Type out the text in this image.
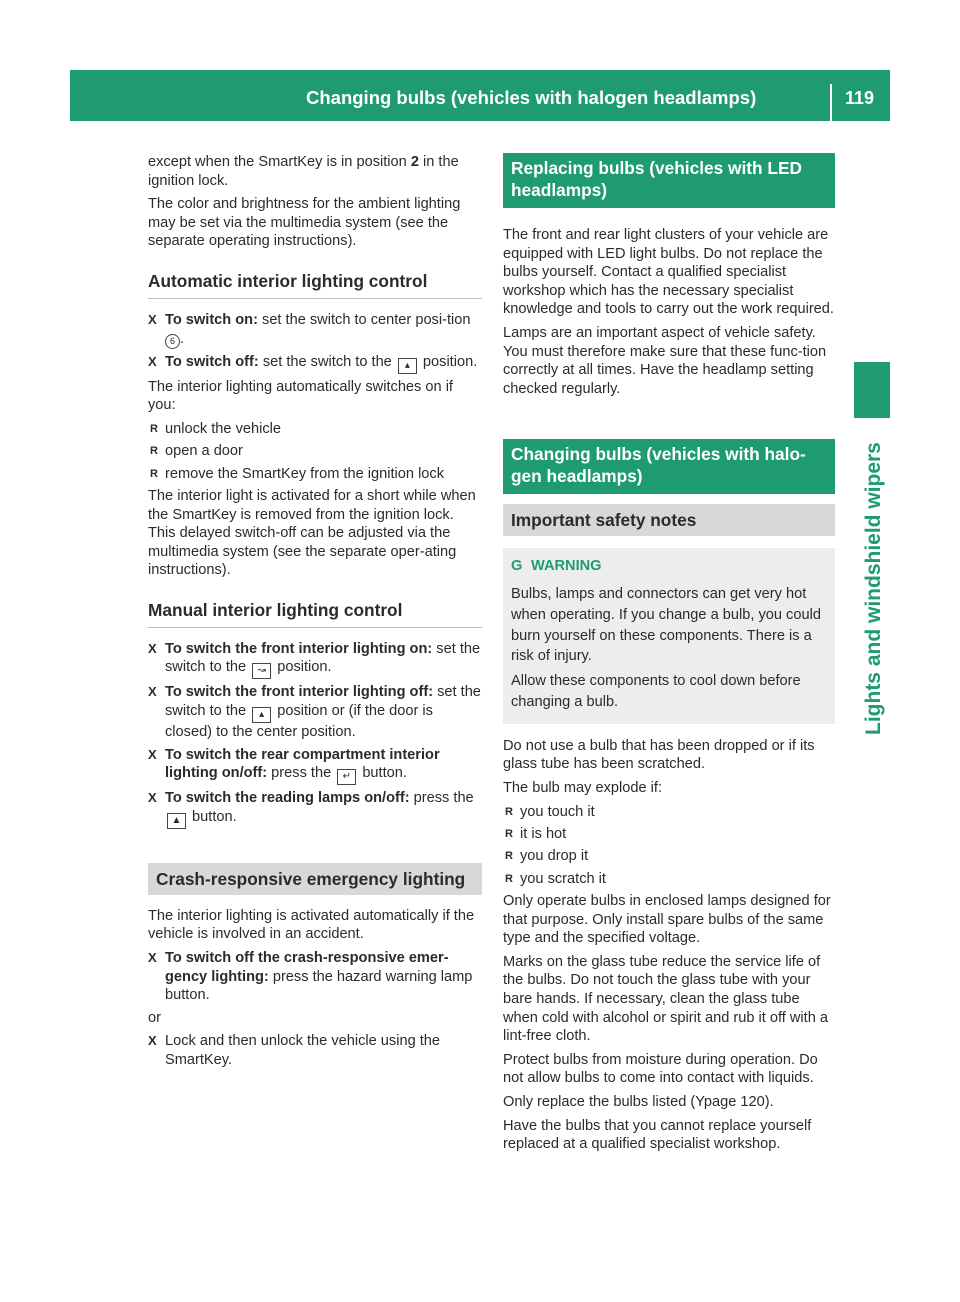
Changing bulbs (vehicles with halogen headlamps)	119
Lights and windshield wipers

except when the SmartKey is in position 2 in the ignition lock.

The color and brightness for the ambient lighting may be set via the multimedia system (see the separate operating instructions).

Automatic interior lighting control
X To switch on: set the switch to center posi-tion 6 .
X To switch off: set the switch to the ▴ position.

The interior lighting automatically switches on if you:

R unlock the vehicle
R open a door
R remove the SmartKey from the ignition lock

The interior light is activated for a short while when the SmartKey is removed from the ignition lock. This delayed switch-off can be adjusted via the multimedia system (see the separate oper-ating instructions).

Manual interior lighting control
X To switch the front interior lighting on: set the switch to the ↝ position.
X To switch the front interior lighting off: set the switch to the ▴ position or (if the door is closed) to the center position.
X To switch the rear compartment interior lighting on/off: press the ↵ button.
X To switch the reading lamps on/off: press the ▲ button.
Crash-responsive emergency lighting

The interior lighting is activated automatically if the vehicle is involved in an accident.

X To switch off the crash-responsive emer-gency lighting: press the hazard warning lamp button.

or

X Lock and then unlock the vehicle using the SmartKey.
Replacing bulbs (vehicles with LED headlamps)

The front and rear light clusters of your vehicle are equipped with LED light bulbs. Do not replace the bulbs yourself. Contact a qualified specialist workshop which has the necessary specialist knowledge and tools to carry out the work required.

Lamps are an important aspect of vehicle safety. You must therefore make sure that these func-tion correctly at all times. Have the headlamp setting checked regularly.

Changing bulbs (vehicles with halo-gen headlamps)
Important safety notes
G WARNING

Bulbs, lamps and connectors can get very hot when operating. If you change a bulb, you could burn yourself on these components. There is a risk of injury.

Allow these components to cool down before changing a bulb.

Do not use a bulb that has been dropped or if its glass tube has been scratched.

The bulb may explode if:

R you touch it
R it is hot
R you drop it
R you scratch it

Only operate bulbs in enclosed lamps designed for that purpose. Only install spare bulbs of the same type and the specified voltage.

Marks on the glass tube reduce the service life of the bulbs. Do not touch the glass tube with your bare hands. If necessary, clean the glass tube when cold with alcohol or spirit and rub it off with a lint-free cloth.

Protect bulbs from moisture during operation. Do not allow bulbs to come into contact with liquids.

Only replace the bulbs listed (Ypage 120).

Have the bulbs that you cannot replace yourself replaced at a qualified specialist workshop.
